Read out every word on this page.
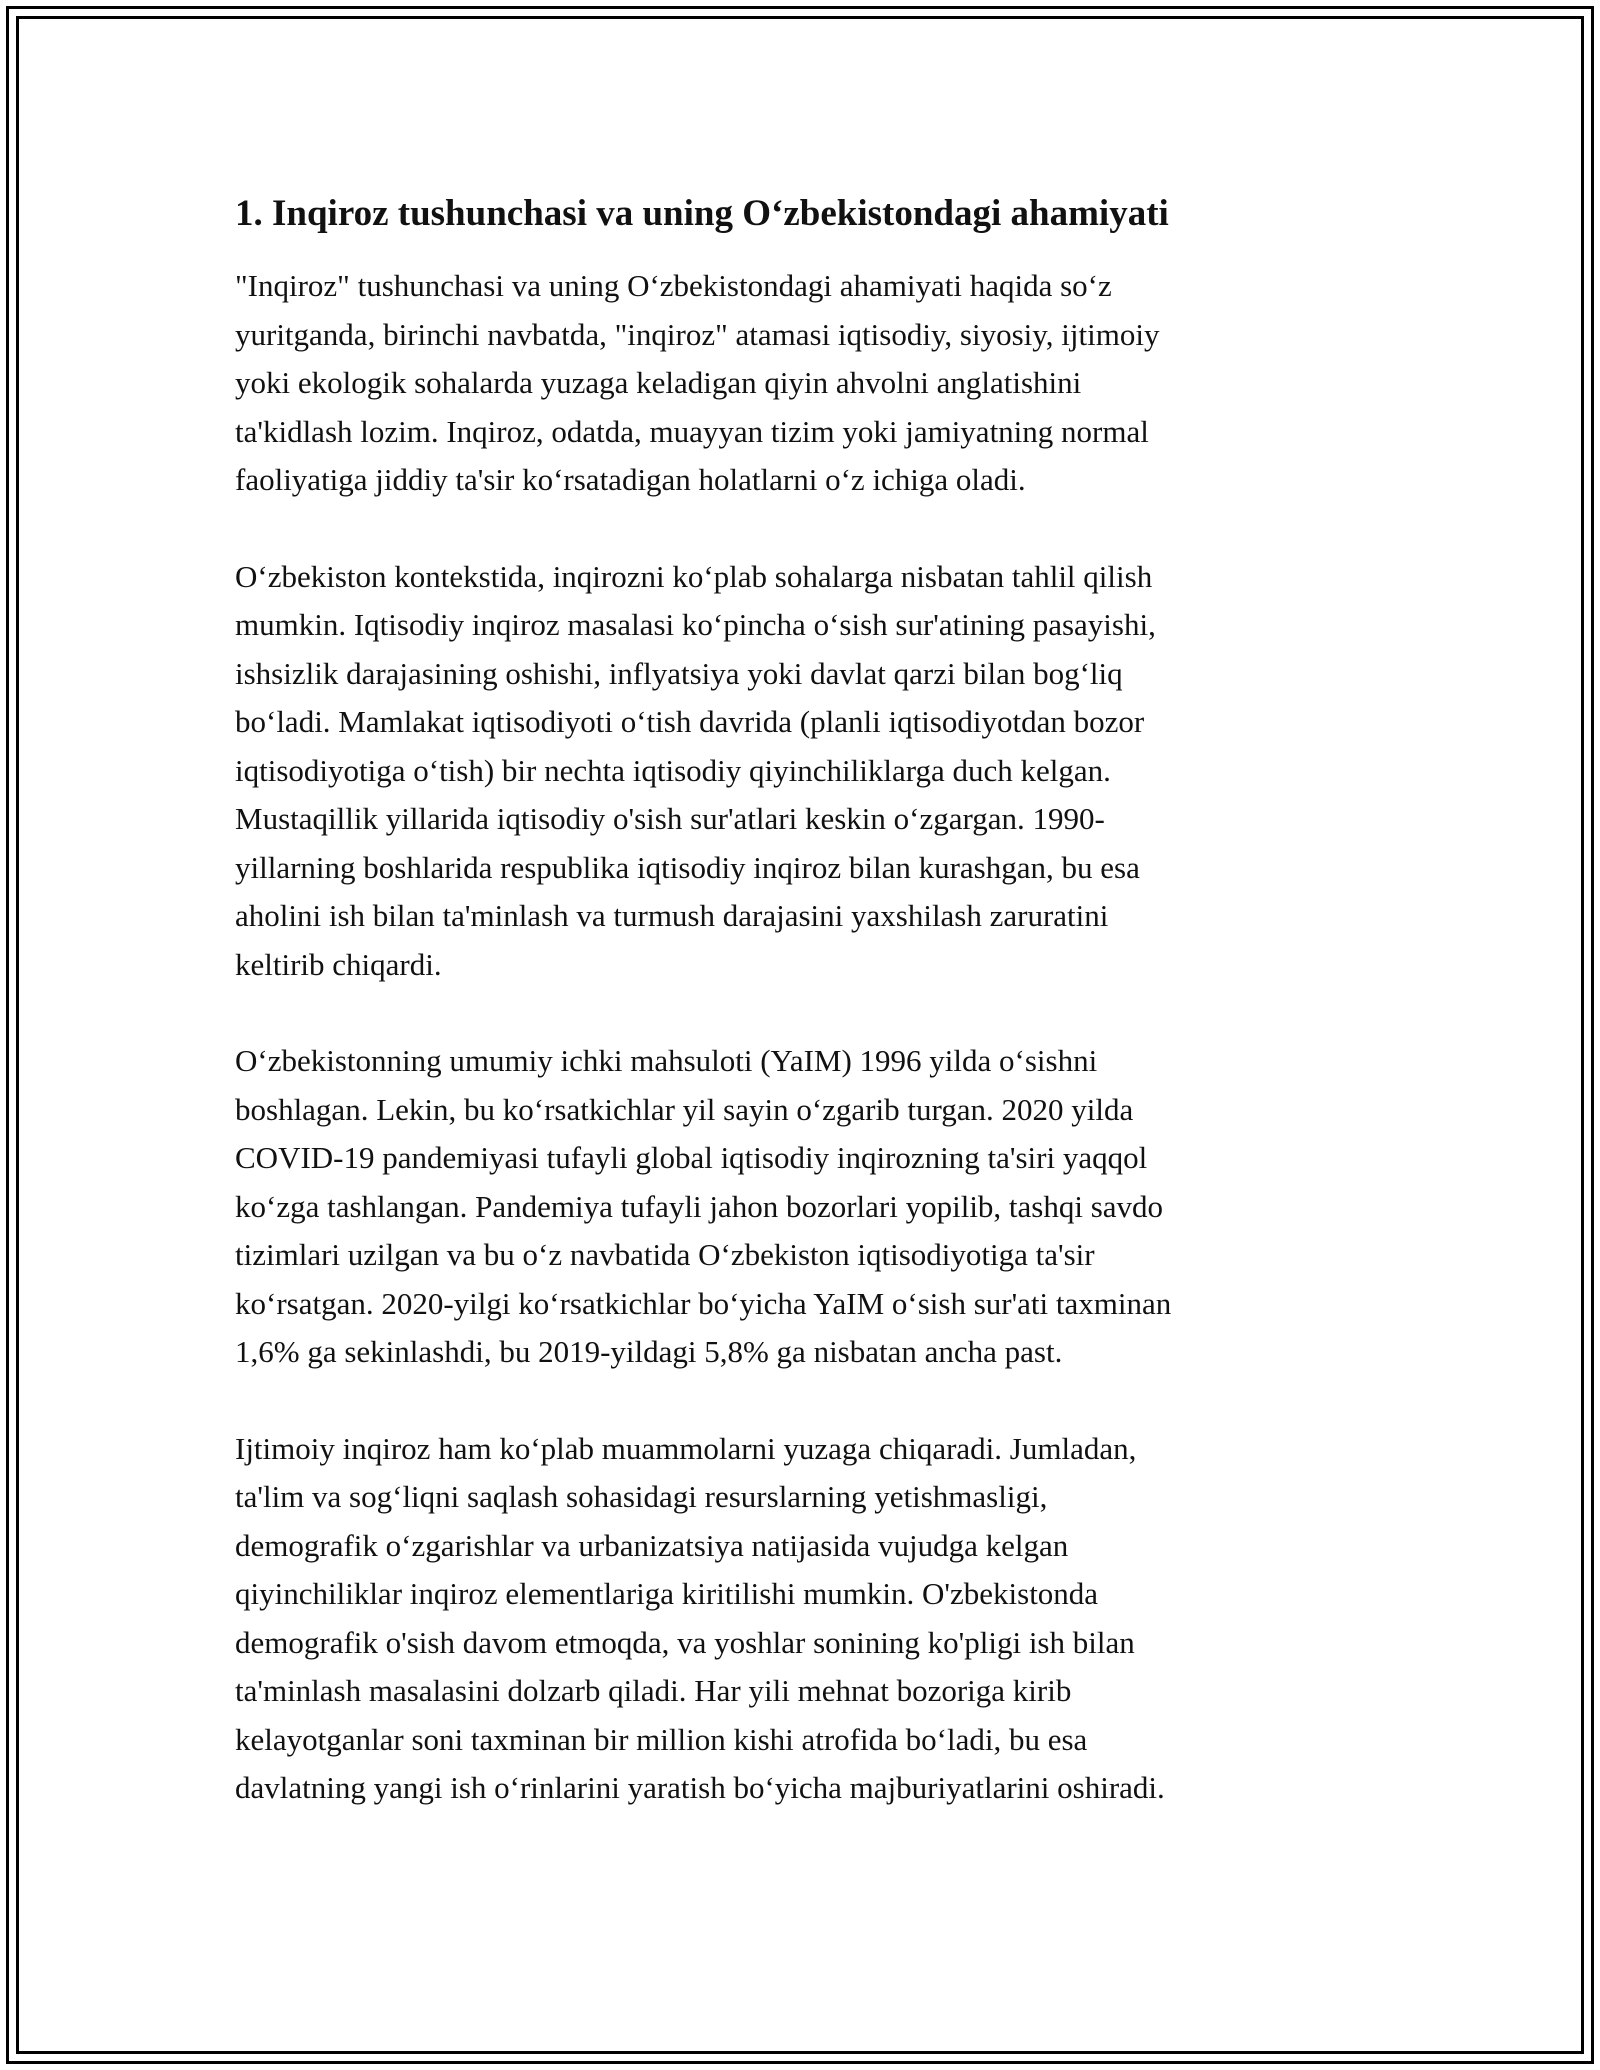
1. Inqiroz tushunchasi va uning O‘zbekistondagi ahamiyati

"Inqiroz" tushunchasi va uning O‘zbekistondagi ahamiyati haqida so‘z
yuritganda, birinchi navbatda, "inqiroz" atamasi iqtisodiy, siyosiy, ijtimoiy
yoki ekologik sohalarda yuzaga keladigan qiyin ahvolni anglatishini
ta'kidlash lozim. Inqiroz, odatda, muayyan tizim yoki jamiyatning normal
faoliyatiga jiddiy ta'sir ko‘rsatadigan holatlarni o‘z ichiga oladi.

O‘zbekiston kontekstida, inqirozni ko‘plab sohalarga nisbatan tahlil qilish
mumkin. Iqtisodiy inqiroz masalasi ko‘pincha o‘sish sur'atining pasayishi,
ishsizlik darajasining oshishi, inflyatsiya yoki davlat qarzi bilan bog‘liq
bo‘ladi. Mamlakat iqtisodiyoti o‘tish davrida (planli iqtisodiyotdan bozor
iqtisodiyotiga o‘tish) bir nechta iqtisodiy qiyinchiliklarga duch kelgan.
Mustaqillik yillarida iqtisodiy o'sish sur'atlari keskin o‘zgargan. 1990-
yillarning boshlarida respublika iqtisodiy inqiroz bilan kurashgan, bu esa
aholini ish bilan ta'minlash va turmush darajasini yaxshilash zaruratini
keltirib chiqardi.

O‘zbekistonning umumiy ichki mahsuloti (YaIM) 1996 yilda o‘sishni
boshlagan. Lekin, bu ko‘rsatkichlar yil sayin o‘zgarib turgan. 2020 yilda
COVID-19 pandemiyasi tufayli global iqtisodiy inqirozning ta'siri yaqqol
ko‘zga tashlangan. Pandemiya tufayli jahon bozorlari yopilib, tashqi savdo
tizimlari uzilgan va bu o‘z navbatida O‘zbekiston iqtisodiyotiga ta'sir
ko‘rsatgan. 2020-yilgi ko‘rsatkichlar bo‘yicha YaIM o‘sish sur'ati taxminan
1,6% ga sekinlashdi, bu 2019-yildagi 5,8% ga nisbatan ancha past.

Ijtimoiy inqiroz ham ko‘plab muammolarni yuzaga chiqaradi. Jumladan,
ta'lim va sog‘liqni saqlash sohasidagi resurslarning yetishmasligi,
demografik o‘zgarishlar va urbanizatsiya natijasida vujudga kelgan
qiyinchiliklar inqiroz elementlariga kiritilishi mumkin. O'zbekistonda
demografik o'sish davom etmoqda, va yoshlar sonining ko'pligi ish bilan
ta'minlash masalasini dolzarb qiladi. Har yili mehnat bozoriga kirib
kelayotganlar soni taxminan bir million kishi atrofida bo‘ladi, bu esa
davlatning yangi ish o‘rinlarini yaratish bo‘yicha majburiyatlarini oshiradi.
